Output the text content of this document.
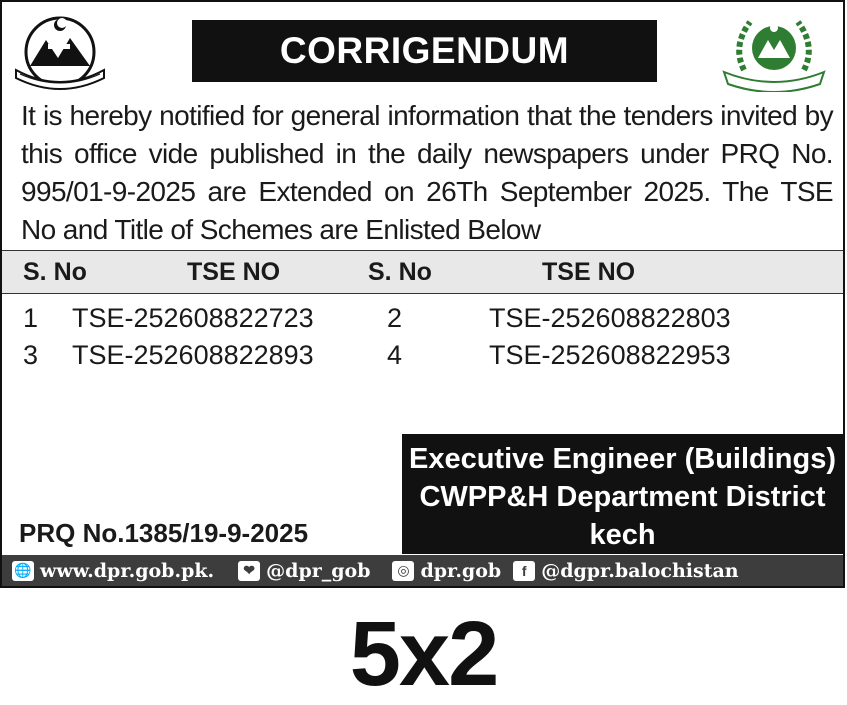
CORRIGENDUM
It is hereby notified for general information that the tenders invited by this office vide published in the daily newspapers under PRQ No. 995/01-9-2025 are Extended on 26Th September 2025. The TSE No and Title of Schemes are Enlisted Below
S. No	TSE NO	S. No	TSE NO
1 TSE-252608822723	2	TSE-252608822803
3 TSE-252608822893	4	TSE-252608822953
Executive Engineer (Buildings)
CWPP&H Department District
kech
PRQ No.1385/19-9-2025
🌐 www.dpr.gob.pk.	❤ @dpr_gob	◎ dpr.gob	f @dgpr.balochistan
5x2
